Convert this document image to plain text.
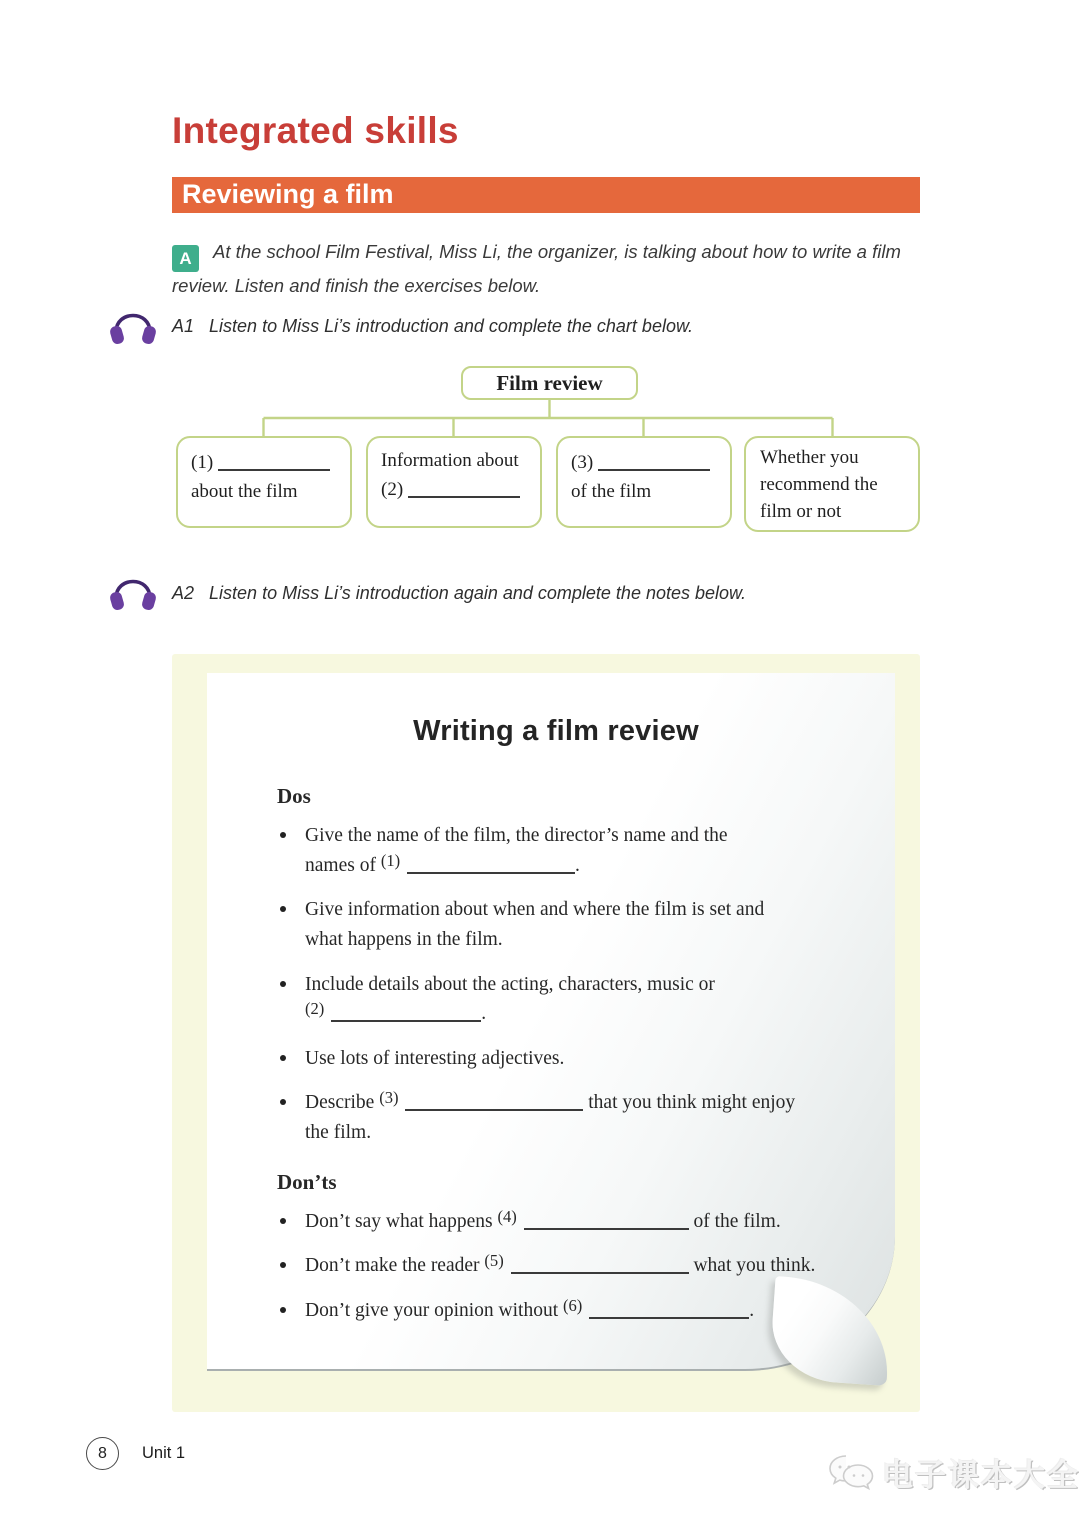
Integrated skills
Reviewing a film

A At the school Film Festival, Miss Li, the organizer, is talking about how to write a film review. Listen and finish the exercises below.

A1 Listen to Miss Li’s introduction and complete the chart below.

Film review
(1)
about the film
Information about
(2)
(3)
of the film
Whether you recommend the film or not

A2 Listen to Miss Li’s introduction again and complete the notes below.

Writing a film review
Dos
Give the name of the film, the director’s name and the
names of $^{(1)}$	.
Give information about when and where the film is set and
what happens in the film.
Include details about the acting, characters, music or
$^{(2)}$	.
Use lots of interesting adjectives.
Describe $^{(3)}$	that you think might enjoy
the film.
Don’ts
Don’t say what happens $^{(4)}$	of the film.
Don’t make the reader $^{(5)}$	what you think.
Don’t give your opinion without $^{(6)}$	.
8	Unit 1
电子课本大全
